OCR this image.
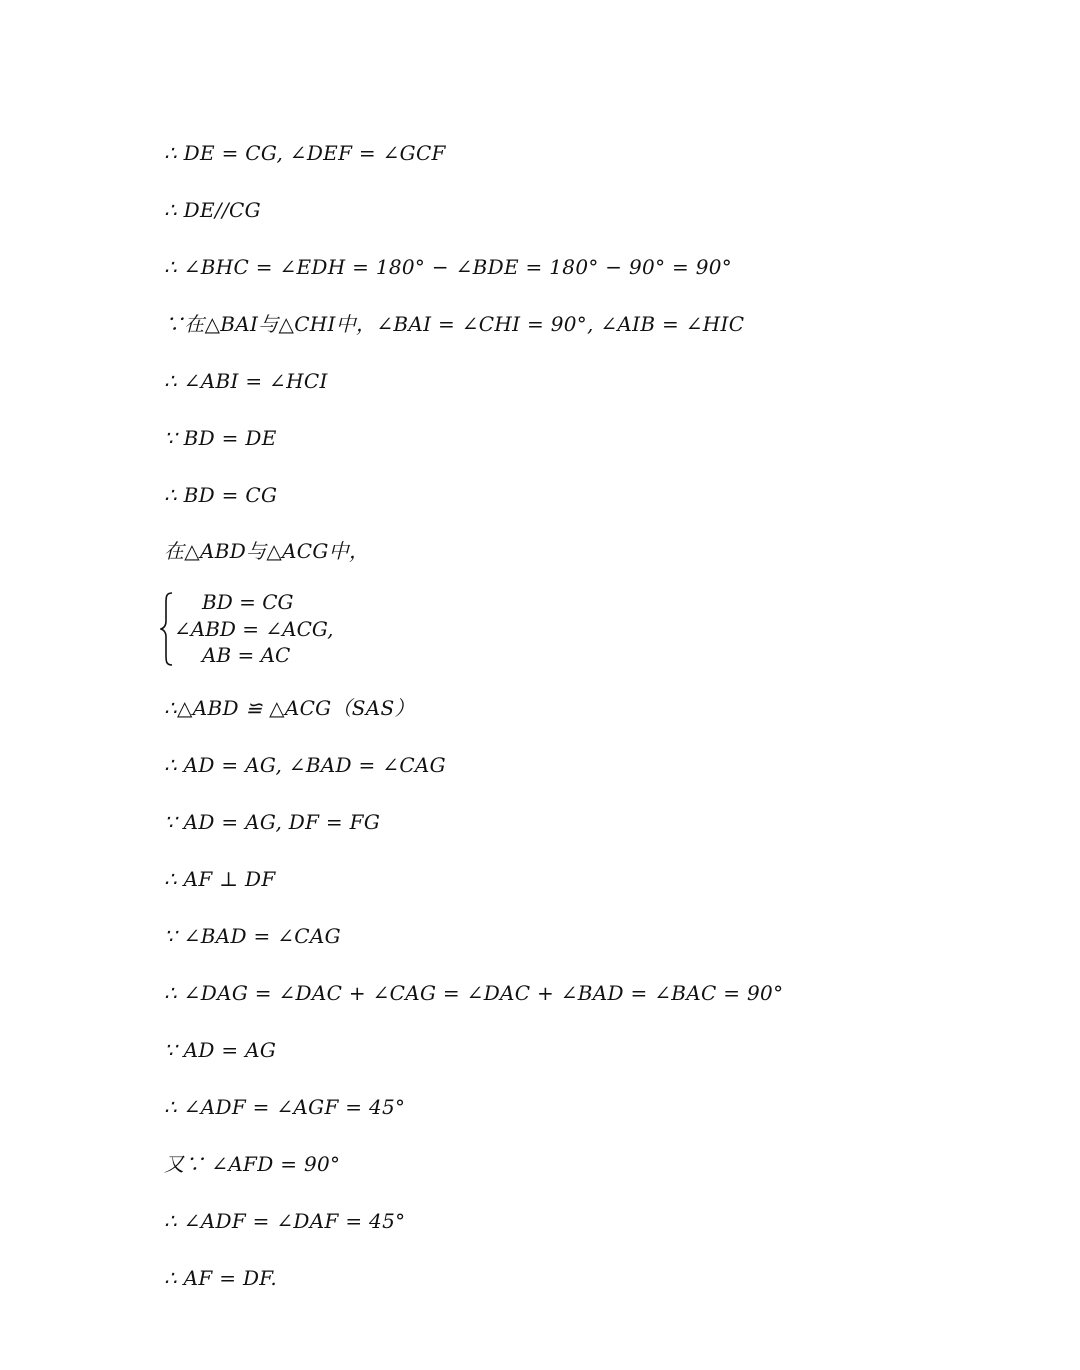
∴ DE = CG, ∠DEF = ∠GCF
∴ DE//CG
∴ ∠BHC = ∠EDH = 180° − ∠BDE = 180° − 90° = 90°
∵在△BAI与△CHI中，∠BAI = ∠CHI = 90°, ∠AIB = ∠HIC
∴ ∠ABI = ∠HCI
∵ BD = DE
∴ BD = CG
在△ABD与△ACG中，
BD = CG
∠ABD = ∠ACG,
AB = AC
∴△ABD ≌ △ACG（SAS）
∴ AD = AG, ∠BAD = ∠CAG
∵ AD = AG, DF = FG
∴ AF ⊥ DF
∵ ∠BAD = ∠CAG
∴ ∠DAG = ∠DAC + ∠CAG = ∠DAC + ∠BAD = ∠BAC = 90°
∵ AD = AG
∴ ∠ADF = ∠AGF = 45°
又∵ ∠AFD = 90°
∴ ∠ADF = ∠DAF = 45°
∴ AF = DF.
